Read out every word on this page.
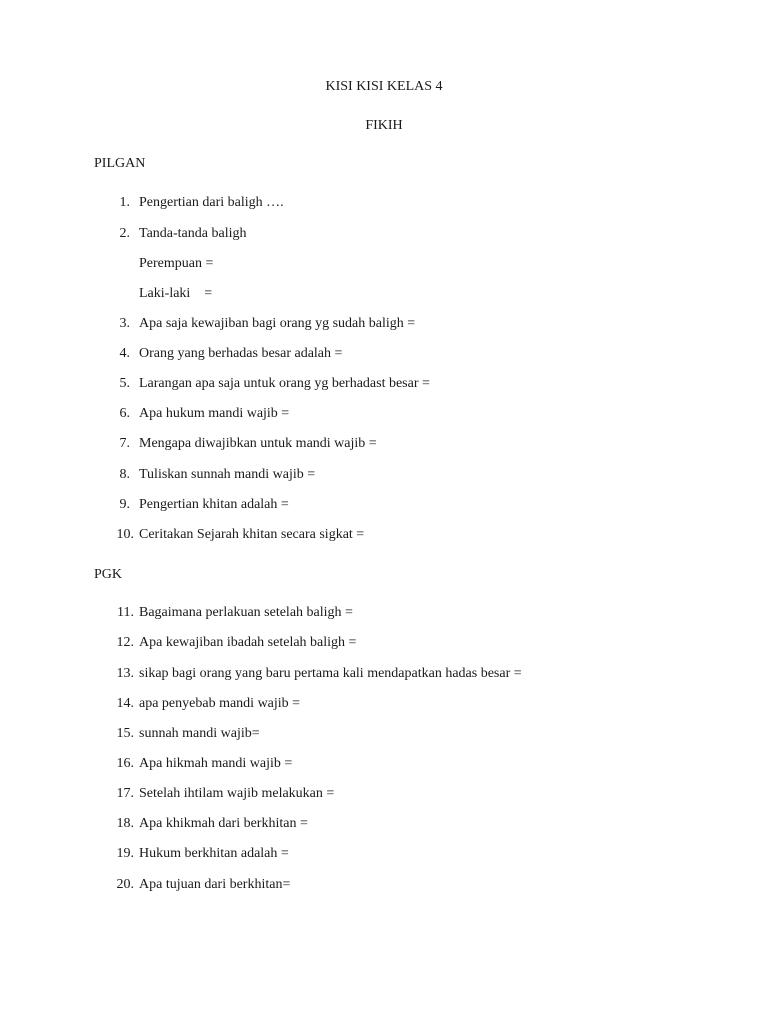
KISI KISI KELAS 4
FIKIH
PILGAN
1. Pengertian dari baligh ….
2. Tanda-tanda baligh
Perempuan =
Laki-laki    =
3. Apa saja kewajiban bagi orang yg sudah baligh =
4. Orang yang berhadas besar adalah =
5. Larangan apa saja untuk orang yg berhadast besar =
6. Apa hukum mandi wajib =
7. Mengapa diwajibkan untuk mandi wajib =
8. Tuliskan sunnah mandi wajib =
9. Pengertian khitan adalah =
10. Ceritakan Sejarah khitan secara sigkat =
PGK
11. Bagaimana perlakuan setelah baligh =
12. Apa kewajiban ibadah setelah baligh =
13. sikap bagi orang yang baru pertama kali mendapatkan hadas besar =
14. apa penyebab mandi wajib =
15. sunnah mandi wajib=
16. Apa hikmah mandi wajib =
17. Setelah ihtilam wajib melakukan =
18. Apa khikmah dari berkhitan =
19. Hukum berkhitan adalah =
20. Apa tujuan dari berkhitan=
